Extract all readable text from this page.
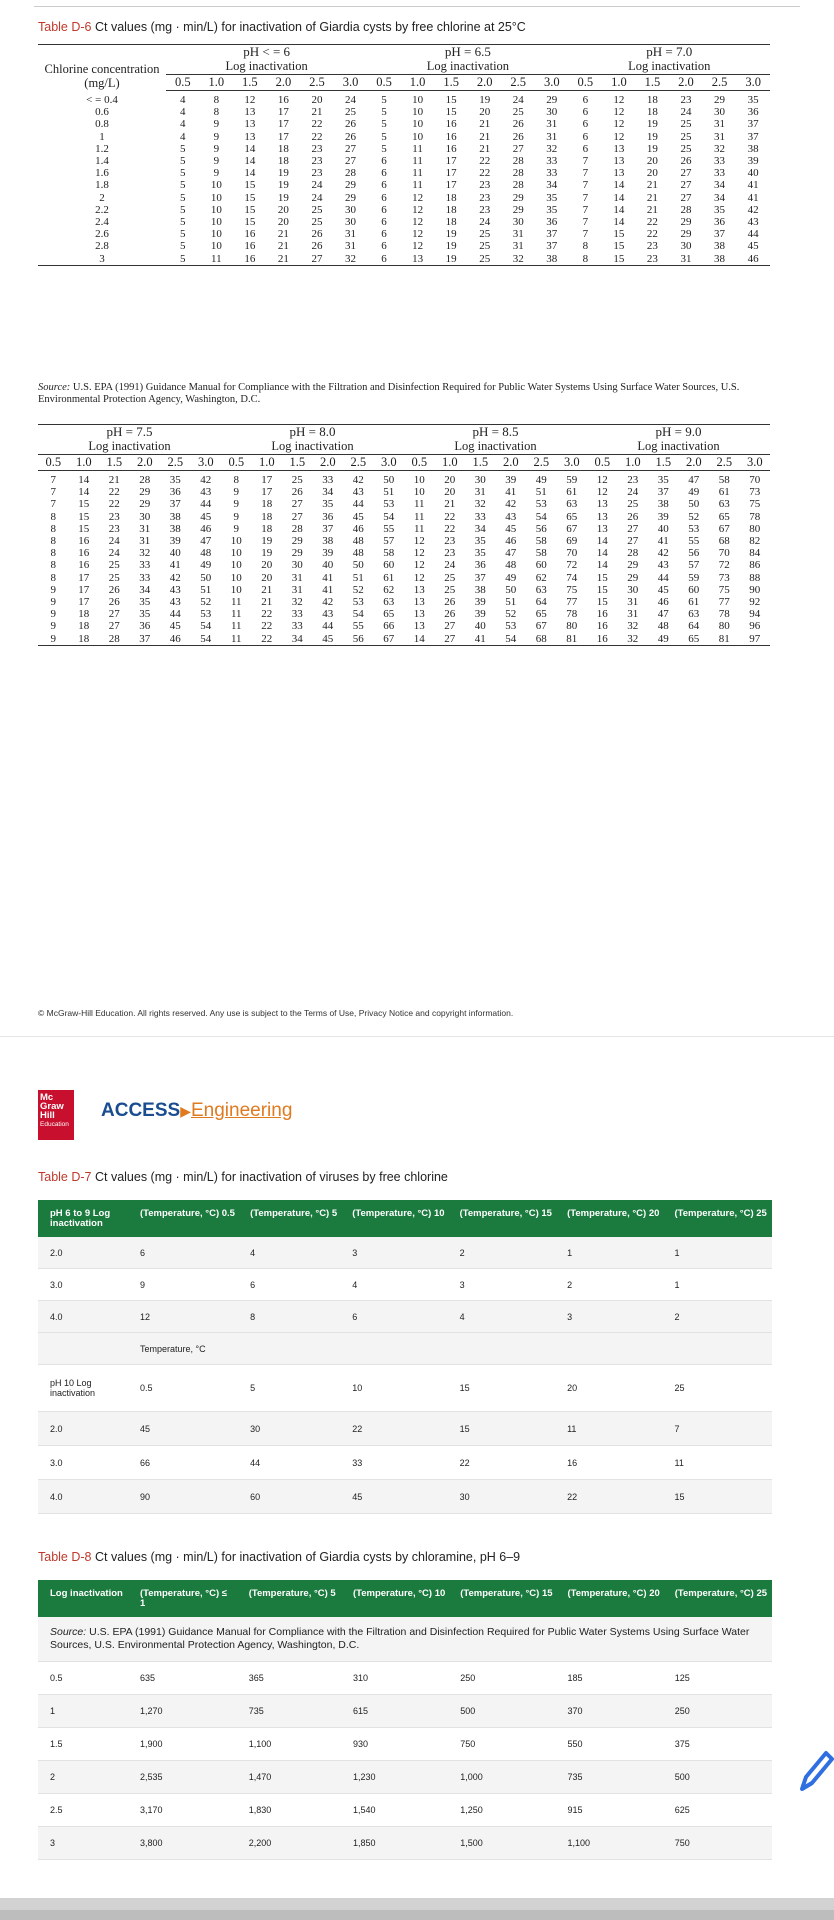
Table D-6 Ct values (mg · min/L) for inactivation of Giardia cysts by free chlorine at 25°C
	pH < = 6						pH = 6.5						pH = 7.0					
Chlorine concentration (mg/L)	Log inactivation						Log inactivation						Log inactivation					
	0.5	1.0	1.5	2.0	2.5	3.0	0.5	1.0	1.5	2.0	2.5	3.0	0.5	1.0	1.5	2.0	2.5	3.0
< = 0.4	4	8	12	16	20	24	5	10	15	19	24	29	6	12	18	23	29	35
0.6	4	8	13	17	21	25	5	10	15	20	25	30	6	12	18	24	30	36
0.8	4	9	13	17	22	26	5	10	16	21	26	31	6	12	19	25	31	37
1	4	9	13	17	22	26	5	10	16	21	26	31	6	12	19	25	31	37
1.2	5	9	14	18	23	27	5	11	16	21	27	32	6	13	19	25	32	38
1.4	5	9	14	18	23	27	6	11	17	22	28	33	7	13	20	26	33	39
1.6	5	9	14	19	23	28	6	11	17	22	28	33	7	13	20	27	33	40
1.8	5	10	15	19	24	29	6	11	17	23	28	34	7	14	21	27	34	41
2	5	10	15	19	24	29	6	12	18	23	29	35	7	14	21	27	34	41
2.2	5	10	15	20	25	30	6	12	18	23	29	35	7	14	21	28	35	42
2.4	5	10	15	20	25	30	6	12	18	24	30	36	7	14	22	29	36	43
2.6	5	10	16	21	26	31	6	12	19	25	31	37	7	15	22	29	37	44
2.8	5	10	16	21	26	31	6	12	19	25	31	37	8	15	23	30	38	45
3	5	11	16	21	27	32	6	13	19	25	32	38	8	15	23	31	38	46
Source: U.S. EPA (1991) Guidance Manual for Compliance with the Filtration and Disinfection Required for Public Water Systems Using Surface Water Sources, U.S. Environmental Protection Agency, Washington, D.C.
pH = 7.5						pH = 8.0						pH = 8.5						pH = 9.0					
Log inactivation						Log inactivation						Log inactivation						Log inactivation					
0.5	1.0	1.5	2.0	2.5	3.0	0.5	1.0	1.5	2.0	2.5	3.0	0.5	1.0	1.5	2.0	2.5	3.0	0.5	1.0	1.5	2.0	2.5	3.0
7	14	21	28	35	42	8	17	25	33	42	50	10	20	30	39	49	59	12	23	35	47	58	70
7	14	22	29	36	43	9	17	26	34	43	51	10	20	31	41	51	61	12	24	37	49	61	73
7	15	22	29	37	44	9	18	27	35	44	53	11	21	32	42	53	63	13	25	38	50	63	75
8	15	23	30	38	45	9	18	27	36	45	54	11	22	33	43	54	65	13	26	39	52	65	78
8	15	23	31	38	46	9	18	28	37	46	55	11	22	34	45	56	67	13	27	40	53	67	80
8	16	24	31	39	47	10	19	29	38	48	57	12	23	35	46	58	69	14	27	41	55	68	82
8	16	24	32	40	48	10	19	29	39	48	58	12	23	35	47	58	70	14	28	42	56	70	84
8	16	25	33	41	49	10	20	30	40	50	60	12	24	36	48	60	72	14	29	43	57	72	86
8	17	25	33	42	50	10	20	31	41	51	61	12	25	37	49	62	74	15	29	44	59	73	88
9	17	26	34	43	51	10	21	31	41	52	62	13	25	38	50	63	75	15	30	45	60	75	90
9	17	26	35	43	52	11	21	32	42	53	63	13	26	39	51	64	77	15	31	46	61	77	92
9	18	27	35	44	53	11	22	33	43	54	65	13	26	39	52	65	78	16	31	47	63	78	94
9	18	27	36	45	54	11	22	33	44	55	66	13	27	40	53	67	80	16	32	48	64	80	96
9	18	28	37	46	54	11	22	34	45	56	67	14	27	41	54	68	81	16	32	49	65	81	97
© McGraw-Hill Education. All rights reserved. Any use is subject to the Terms of Use, Privacy Notice and copyright information.
Mc
Graw
Hill
Education
ACCESS▶Engineering
Table D-7 Ct values (mg · min/L) for inactivation of viruses by free chlorine
pH 6 to 9 Log inactivation	(Temperature, °C) 0.5	(Temperature, °C) 5	(Temperature, °C) 10	(Temperature, °C) 15	(Temperature, °C) 20	(Temperature, °C) 25
2.0	6	4	3	2	1	1
3.0	9	6	4	3	2	1
4.0	12	8	6	4	3	2
	Temperature, °C					
pH 10 Log inactivation	0.5	5	10	15	20	25
2.0	45	30	22	15	11	7
3.0	66	44	33	22	16	11
4.0	90	60	45	30	22	15
Table D-8 Ct values (mg · min/L) for inactivation of Giardia cysts by chloramine, pH 6–9
Log inactivation	(Temperature, °C) ≤ 1	(Temperature, °C) 5	(Temperature, °C) 10	(Temperature, °C) 15	(Temperature, °C) 20	(Temperature, °C) 25
Source: U.S. EPA (1991) Guidance Manual for Compliance with the Filtration and Disinfection Required for Public Water Systems Using Surface Water Sources, U.S. Environmental Protection Agency, Washington, D.C.						
0.5	635	365	310	250	185	125
1	1,270	735	615	500	370	250
1.5	1,900	1,100	930	750	550	375
2	2,535	1,470	1,230	1,000	735	500
2.5	3,170	1,830	1,540	1,250	915	625
3	3,800	2,200	1,850	1,500	1,100	750
